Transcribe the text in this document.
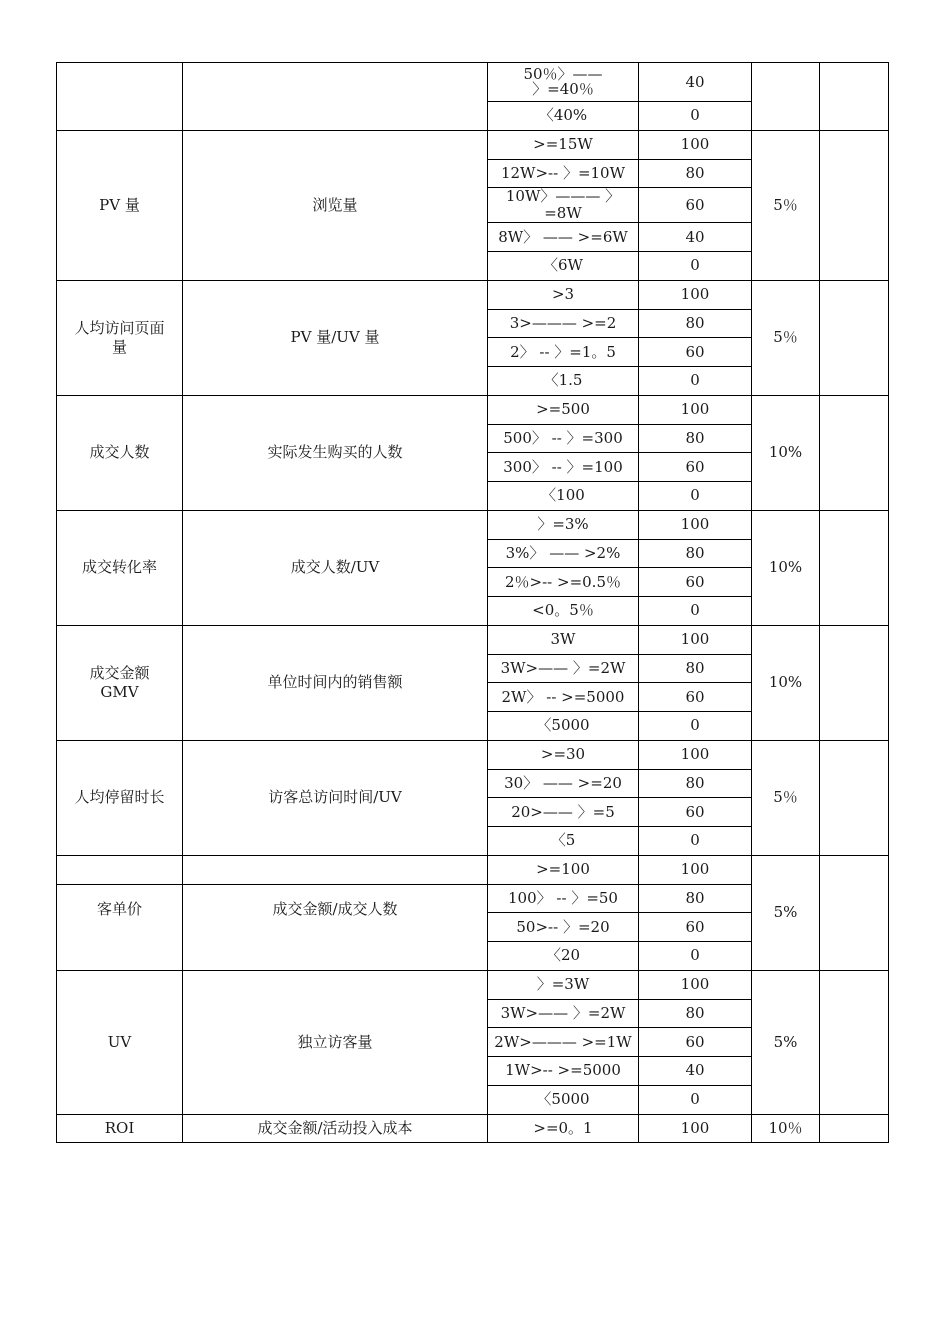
		50％〉——
〉=40％	40		
		〈40%	0		
PV 量	浏览量	>=15W	100	5％	
		12W>-- 〉=10W	80		
		10W〉——— 〉=8W	60		
		8W〉 —— >=6W	40		
		〈6W	0		

人均访问页面量	PV 量/UV 量	>3	100	5％	
		3>——— >=2	80		
		2〉 -- 〉=1。5	60		
		〈1.5	0		
成交人数	实际发生购买的人数	>=500	100	10%	
		500〉 -- 〉=300	80		
		300〉 -- 〉=100	60		
		〈100	0		
成交转化率	成交人数/UV	〉=3%	100	10%	
		3%〉 —— >2%	80		
		2％>-- >=0.5％	60		
		<0。5％	0		

成交金额 GMV	单位时间内的销售额	3W	100	10%	
		3W>—— 〉=2W	80		
		2W〉 -- >=5000	60		
		〈5000	0		

人均停留时长	访客总访问时间/UV	>=30	100	5％	
		30〉 —— >=20	80		
		20>—— 〉=5	60		
		〈5	0		
		>=100	100	5%	
客单价	成交金额/成交人数	100〉 -- 〉=50	80		
		50>-- 〉=20	60		
		〈20	0		
UV	独立访客量	〉=3W	100	5%	
		3W>—— 〉=2W	80		
		2W>——— >=1W	60		
		1W>-- >=5000	40		
		〈5000	0		
ROI	成交金额/活动投入成本	>=0。1	100	10％	
